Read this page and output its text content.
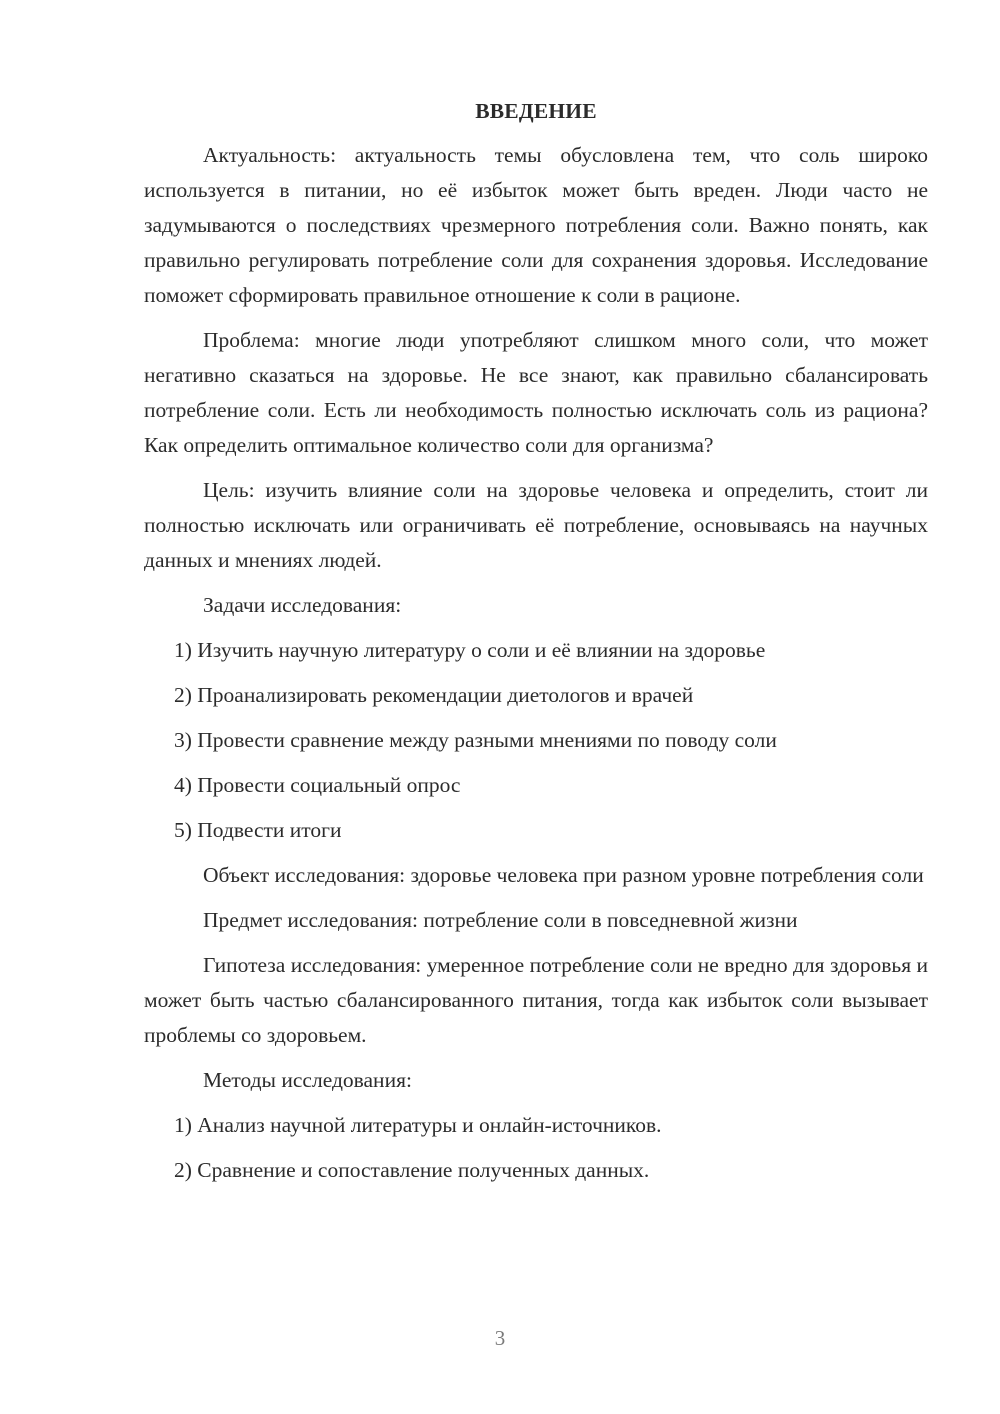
ВВЕДЕНИЕ

Актуальность: актуальность темы обусловлена тем, что соль широко используется в питании, но её избыток может быть вреден. Люди часто не задумываются о последствиях чрезмерного потребления соли. Важно понять, как правильно регулировать потребление соли для сохранения здоровья. Исследование поможет сформировать правильное отношение к соли в рационе.

Проблема: многие люди употребляют слишком много соли, что может негативно сказаться на здоровье. Не все знают, как правильно сбалансировать потребление соли. Есть ли необходимость полностью исключать соль из рациона? Как определить оптимальное количество соли для организма?

Цель: изучить влияние соли на здоровье человека и определить, стоит ли полностью исключать или ограничивать её потребление, основываясь на научных данных и мнениях людей.

Задачи исследования:

1) Изучить научную литературу о соли и её влиянии на здоровье
2) Проанализировать рекомендации диетологов и врачей
3) Провести сравнение между разными мнениями по поводу соли
4) Провести социальный опрос
5) Подвести итоги

Объект исследования: здоровье человека при разном уровне потребления соли

Предмет исследования: потребление соли в повседневной жизни

Гипотеза исследования: умеренное потребление соли не вредно для здоровья и может быть частью сбалансированного питания, тогда как избыток соли вызывает проблемы со здоровьем.

Методы исследования:

1) Анализ научной литературы и онлайн-источников.
2) Сравнение и сопоставление полученных данных.
3
